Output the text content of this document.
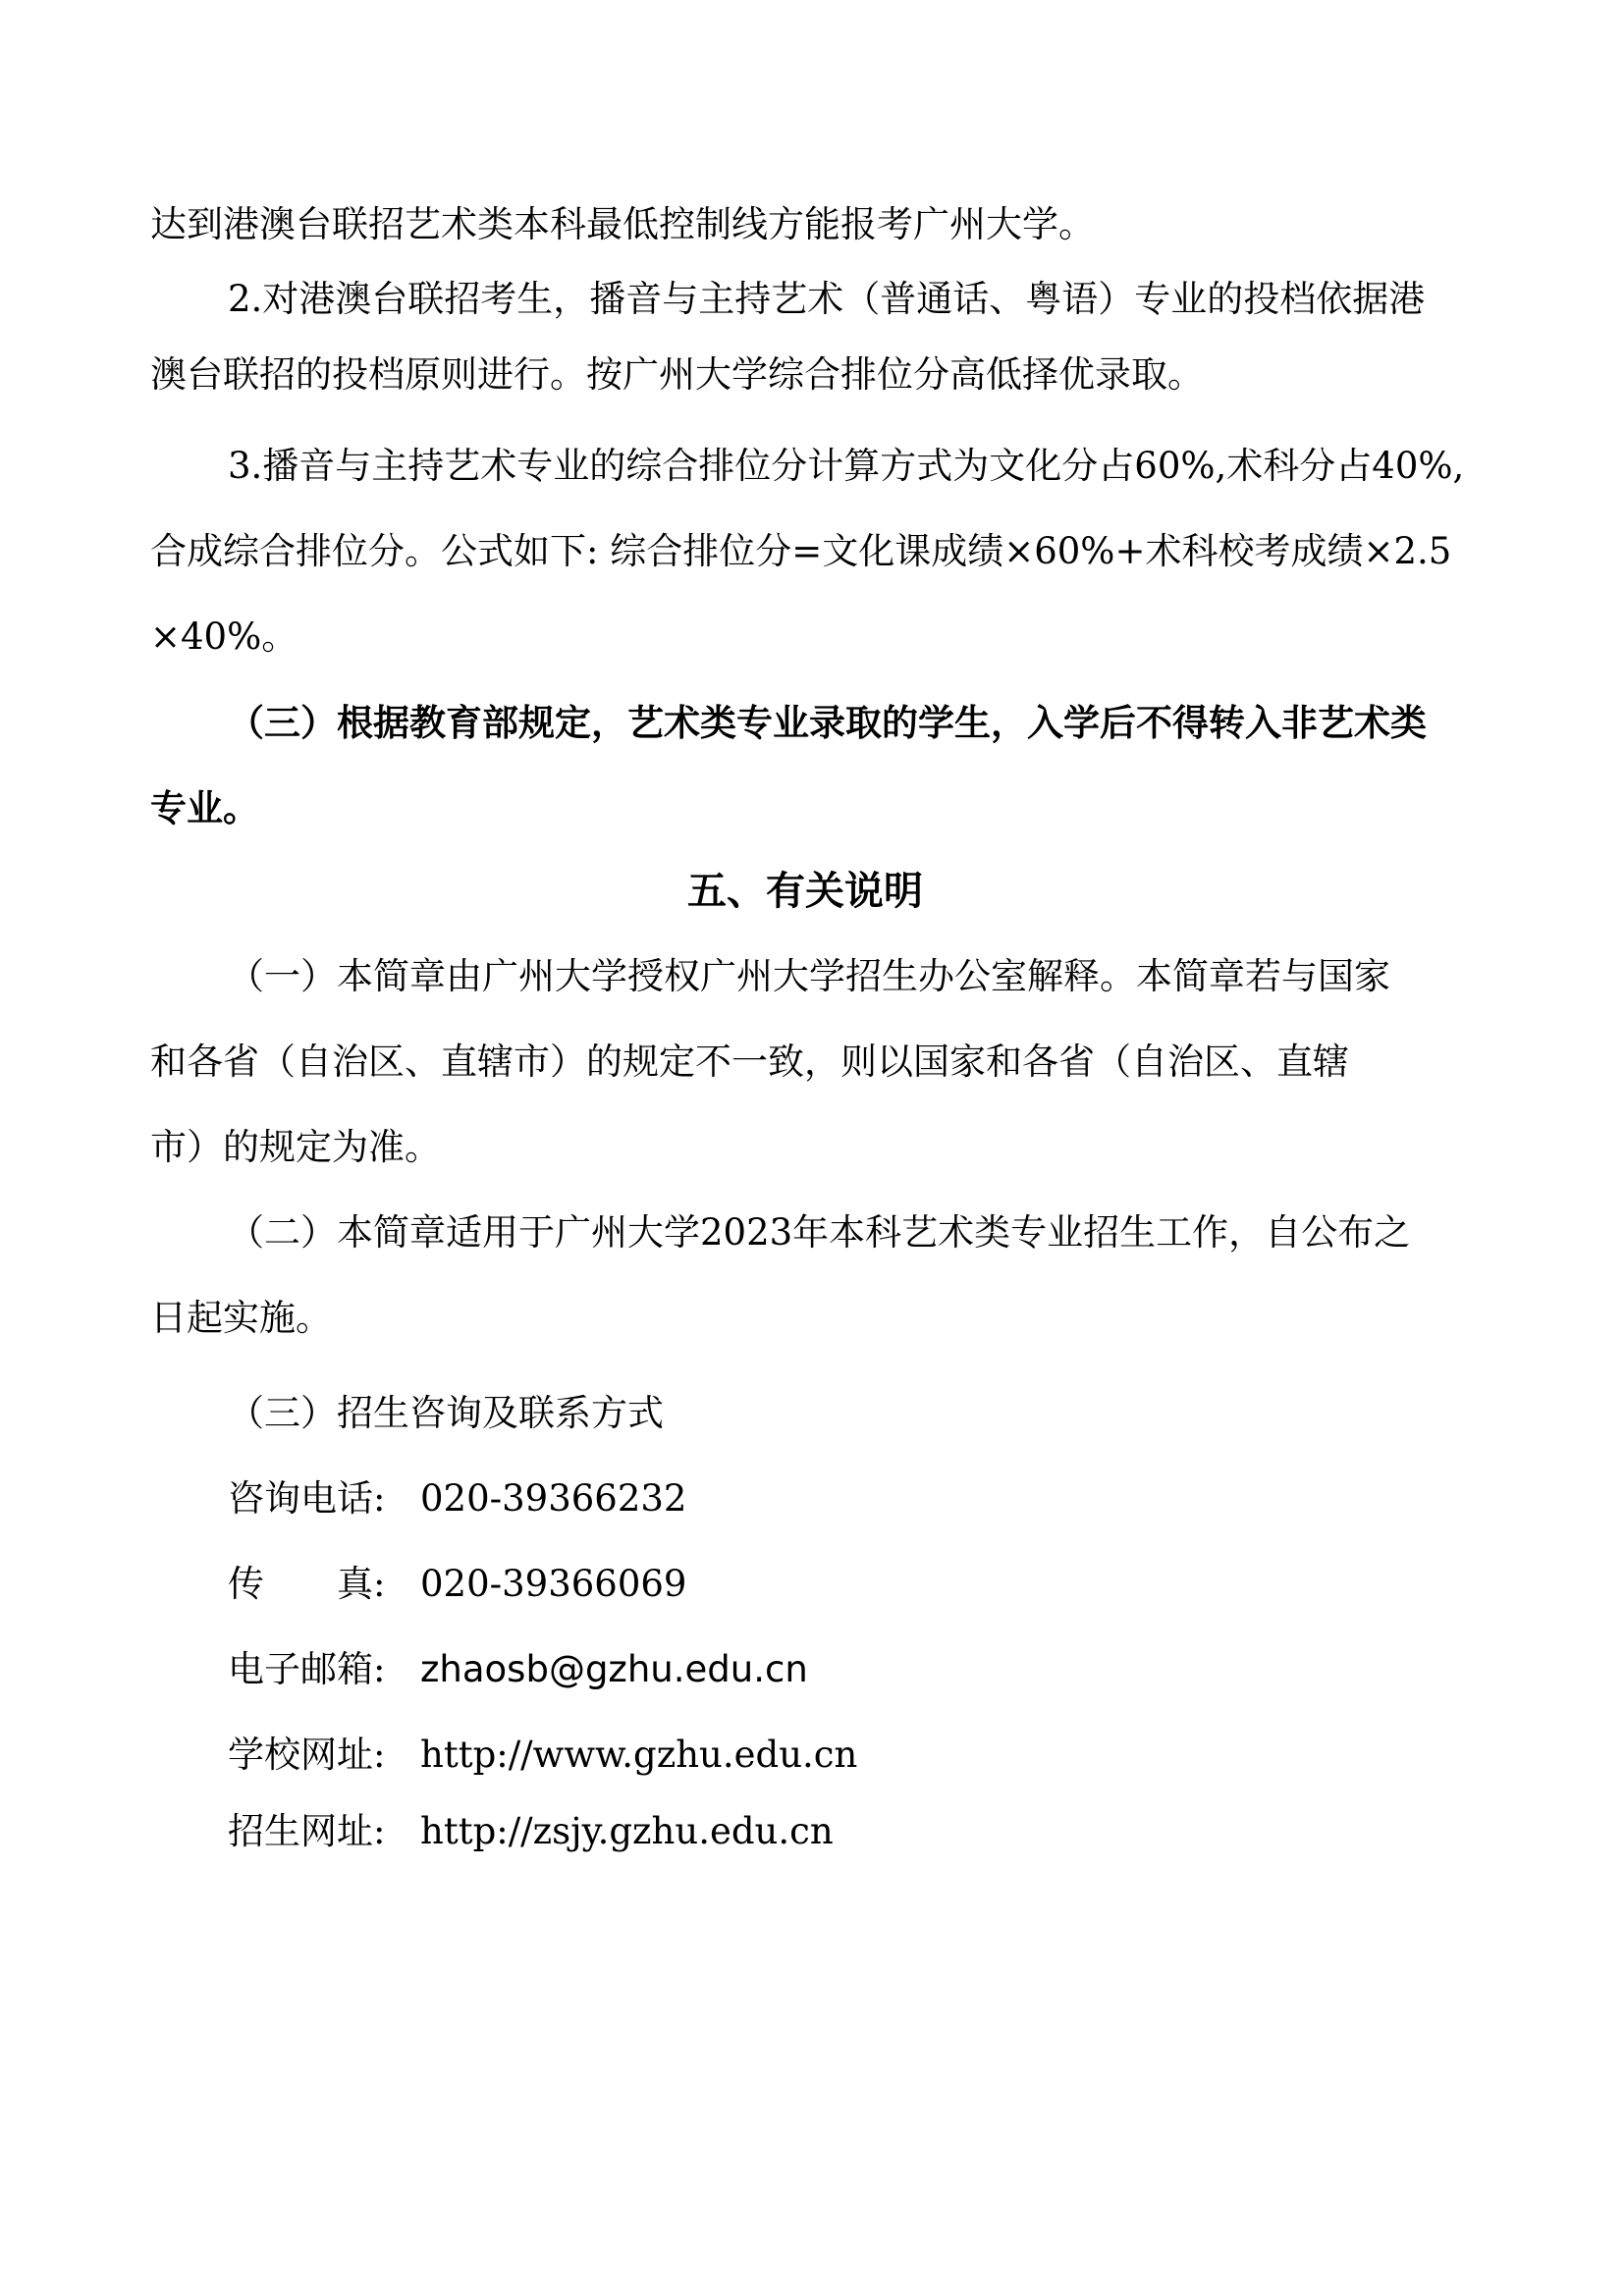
达到港澳台联招艺术类本科最低控制线方能报考广州大学。
2.对港澳台联招考生，播音与主持艺术（普通话、粤语）专业的投档依据港
澳台联招的投档原则进行。按广州大学综合排位分高低择优录取。
3.播音与主持艺术专业的综合排位分计算方式为文化分占60%,术科分占40%,
合成综合排位分。公式如下: 综合排位分=文化课成绩×60%+术科校考成绩×2.5
×40%。
（三）根据教育部规定，艺术类专业录取的学生，入学后不得转入非艺术类
专业。
五、有关说明
（一）本简章由广州大学授权广州大学招生办公室解释。本简章若与国家
和各省（自治区、直辖市）的规定不一致，则以国家和各省（自治区、直辖
市）的规定为准。
（二）本简章适用于广州大学2023年本科艺术类专业招生工作，自公布之
日起实施。
（三）招生咨询及联系方式
咨询电话: 020-39366232
传　　真: 020-39366069
电子邮箱: zhaosb@gzhu.edu.cn
学校网址: http://www.gzhu.edu.cn
招生网址: http://zsjy.gzhu.edu.cn
